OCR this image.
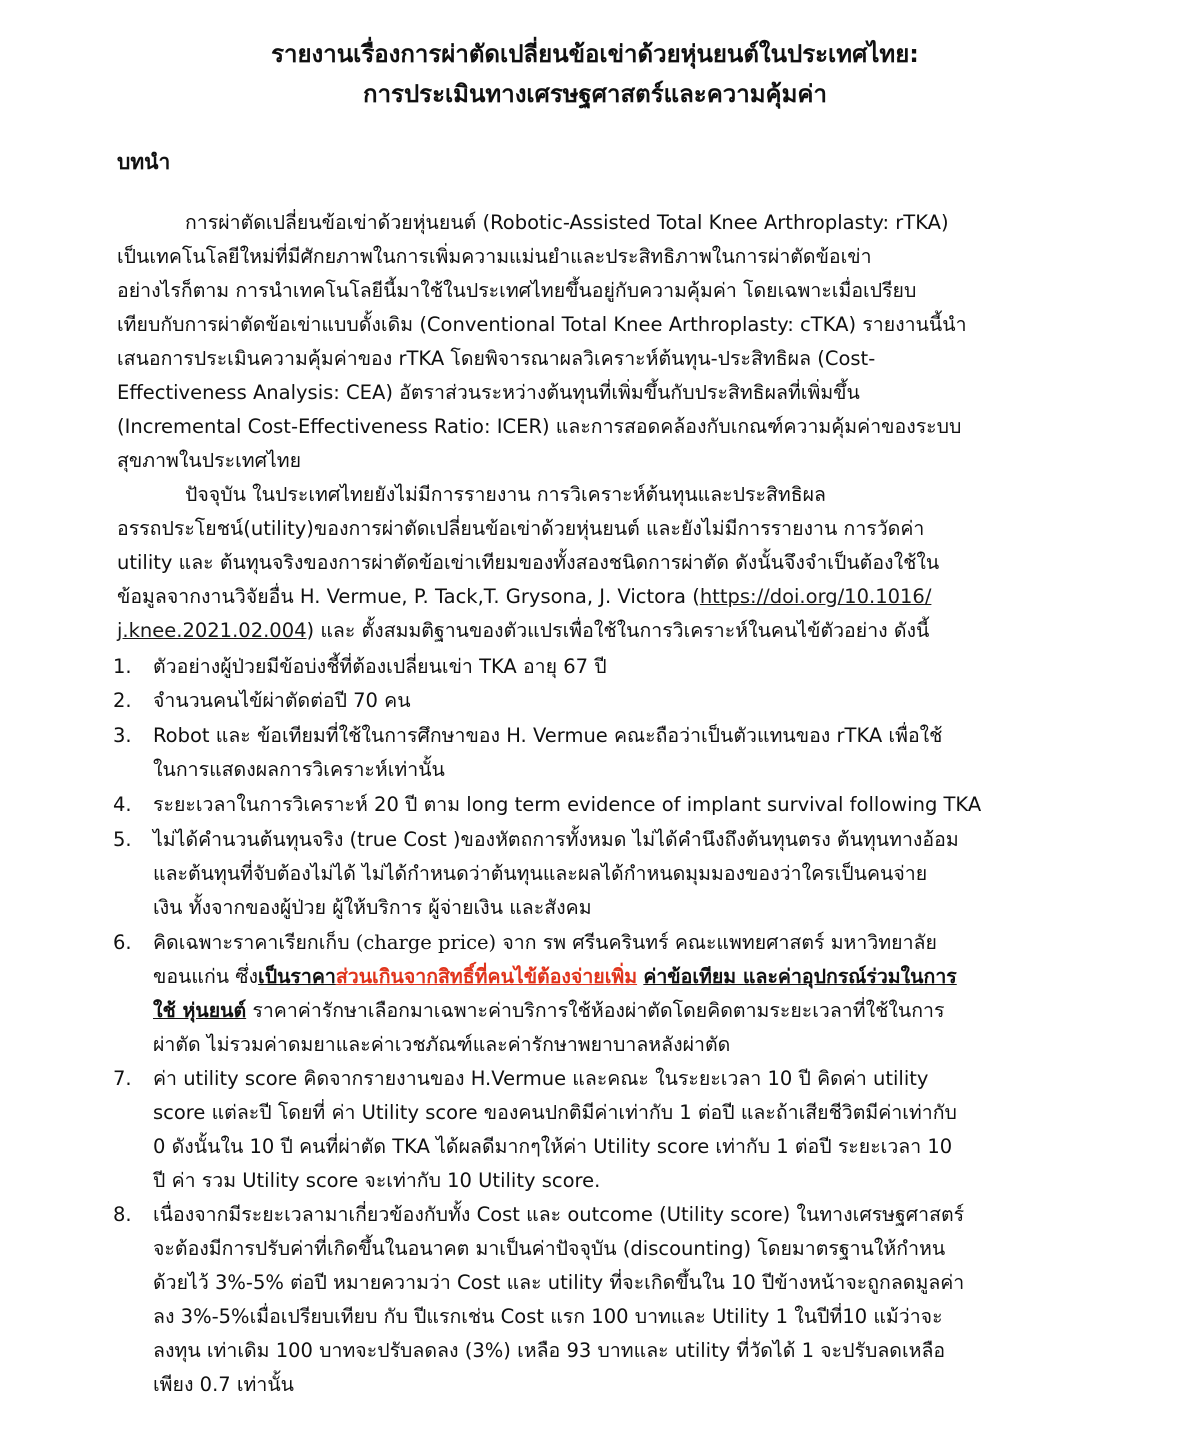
รายงานเรื่องการผ่าตัดเปลี่ยนข้อเข่าด้วยหุ่นยนต์ในประเทศไทย:
การประเมินทางเศรษฐศาสตร์และความคุ้มค่า
บทนำ
การผ่าตัดเปลี่ยนข้อเข่าด้วยหุ่นยนต์ (Robotic-Assisted Total Knee Arthroplasty: rTKA)
เป็นเทคโนโลยีใหม่ที่มีศักยภาพในการเพิ่มความแม่นยำและประสิทธิภาพในการผ่าตัดข้อเข่า
อย่างไรก็ตาม การนำเทคโนโลยีนี้มาใช้ในประเทศไทยขึ้นอยู่กับความคุ้มค่า โดยเฉพาะเมื่อเปรียบ
เทียบกับการผ่าตัดข้อเข่าแบบดั้งเดิม (Conventional Total Knee Arthroplasty: cTKA) รายงานนี้นำ
เสนอการประเมินความคุ้มค่าของ rTKA โดยพิจารณาผลวิเคราะห์ต้นทุน-ประสิทธิผล (Cost-
Effectiveness Analysis: CEA) อัตราส่วนระหว่างต้นทุนที่เพิ่มขึ้นกับประสิทธิผลที่เพิ่มขึ้น
(Incremental Cost-Effectiveness Ratio: ICER) และการสอดคล้องกับเกณฑ์ความคุ้มค่าของระบบ
สุขภาพในประเทศไทย
ปัจจุบัน ในประเทศไทยยังไม่มีการรายงาน การวิเคราะห์ต้นทุนและประสิทธิผล
อรรถประโยชน์(utility)ของการผ่าตัดเปลี่ยนข้อเข่าด้วยหุ่นยนต์ และยังไม่มีการรายงาน การวัดค่า
utility และ ต้นทุนจริงของการผ่าตัดข้อเข่าเทียมของทั้งสองชนิดการผ่าตัด ดังนั้นจึงจำเป็นต้องใช้ใน
ข้อมูลจากงานวิจัยอื่น H. Vermue, P. Tack,T. Grysona, J. Victora (https://doi.org/10.1016/
j.knee.2021.02.004) และ ตั้งสมมติฐานของตัวแปรเพื่อใช้ในการวิเคราะห์ในคนไข้ตัวอย่าง ดังนี้
1. ตัวอย่างผู้ป่วยมีข้อบ่งชี้ที่ต้องเปลี่ยนเข่า TKA อายุ 67 ปี
2. จำนวนคนไข้ผ่าตัดต่อปี 70 คน
3. Robot และ ข้อเทียมที่ใช้ในการศึกษาของ H. Vermue คณะถือว่าเป็นตัวแทนของ rTKA เพื่อใช้
ในการแสดงผลการวิเคราะห์เท่านั้น
4. ระยะเวลาในการวิเคราะห์ 20 ปี ตาม long term evidence of implant survival following TKA
5. ไม่ได้คำนวนต้นทุนจริง (true Cost )ของหัตถการทั้งหมด ไม่ได้คำนึงถึงต้นทุนตรง ต้นทุนทางอ้อม
และต้นทุนที่จับต้องไม่ได้ ไม่ได้กำหนดว่าต้นทุนและผลได้กำหนดมุมมองของว่าใครเป็นคนจ่าย
เงิน ทั้งจากของผู้ป่วย ผู้ให้บริการ ผู้จ่ายเงิน และสังคม
6. คิดเฉพาะราคาเรียกเก็บ (charge price) จาก รพ ศรีนครินทร์ คณะแพทยศาสตร์ มหาวิทยาลัย
ขอนแก่น ซึ่งเป็นราคาส่วนเกินจากสิทธิ์ที่คนไข้ต้องจ่ายเพิ่ม ค่าข้อเทียม และค่าอุปกรณ์ร่วมในการ
ใช้ หุ่นยนต์ ราคาค่ารักษาเลือกมาเฉพาะค่าบริการใช้ห้องผ่าตัดโดยคิดตามระยะเวลาที่ใช้ในการ
ผ่าตัด ไม่รวมค่าดมยาและค่าเวชภัณฑ์และค่ารักษาพยาบาลหลังผ่าตัด
7. ค่า utility score คิดจากรายงานของ H.Vermue และคณะ ในระยะเวลา 10 ปี คิดค่า utility
score แต่ละปี โดยที่ ค่า Utility score ของคนปกติมีค่าเท่ากับ 1 ต่อปี และถ้าเสียชีวิตมีค่าเท่ากับ
0 ดังนั้นใน 10 ปี คนที่ผ่าตัด TKA ได้ผลดีมากๆให้ค่า Utility score เท่ากับ 1 ต่อปี ระยะเวลา 10
ปี ค่า รวม Utility score จะเท่ากับ 10 Utility score.
8. เนื่องจากมีระยะเวลามาเกี่ยวข้องกับทั้ง Cost และ outcome (Utility score) ในทางเศรษฐศาสตร์
จะต้องมีการปรับค่าที่เกิดขึ้นในอนาคต มาเป็นค่าปัจจุบัน (discounting) โดยมาตรฐานให้กำหน
ด้วยไว้ 3%-5% ต่อปี หมายความว่า Cost และ utility ที่จะเกิดขึ้นใน 10 ปีข้างหน้าจะถูกลดมูลค่า
ลง 3%-5%เมื่อเปรียบเทียบ กับ ปีแรกเช่น Cost แรก 100 บาทและ Utility 1 ในปีที่10 แม้ว่าจะ
ลงทุน เท่าเดิม 100 บาทจะปรับลดลง (3%) เหลือ 93 บาทและ utility ที่วัดได้ 1 จะปรับลดเหลือ
เพียง 0.7 เท่านั้น
